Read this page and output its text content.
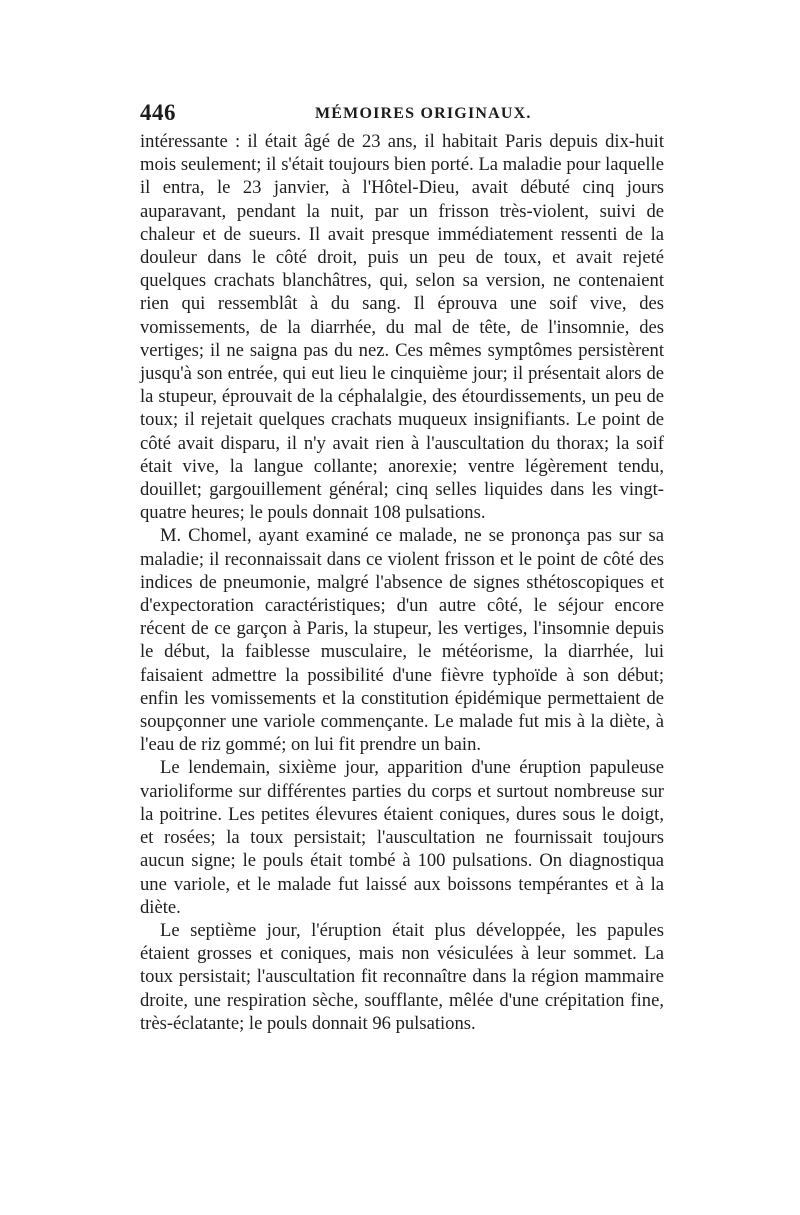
446	MÉMOIRES ORIGINAUX.

intéressante : il était âgé de 23 ans, il habitait Paris depuis dix-huit mois seulement; il s'était toujours bien porté. La maladie pour laquelle il entra, le 23 janvier, à l'Hôtel-Dieu, avait débuté cinq jours auparavant, pendant la nuit, par un frisson très-violent, suivi de chaleur et de sueurs. Il avait presque immédiatement ressenti de la douleur dans le côté droit, puis un peu de toux, et avait rejeté quelques crachats blanchâtres, qui, selon sa version, ne contenaient rien qui ressemblât à du sang. Il éprouva une soif vive, des vomissements, de la diarrhée, du mal de tête, de l'insomnie, des vertiges; il ne saigna pas du nez. Ces mêmes symptômes persistèrent jusqu'à son entrée, qui eut lieu le cinquième jour; il présentait alors de la stupeur, éprouvait de la céphalalgie, des étourdissements, un peu de toux; il rejetait quelques crachats muqueux insignifiants. Le point de côté avait disparu, il n'y avait rien à l'auscultation du thorax; la soif était vive, la langue collante; anorexie; ventre légèrement tendu, douillet; gargouillement général; cinq selles liquides dans les vingt-quatre heures; le pouls donnait 108 pulsations.

M. Chomel, ayant examiné ce malade, ne se prononça pas sur sa maladie; il reconnaissait dans ce violent frisson et le point de côté des indices de pneumonie, malgré l'absence de signes sthétoscopiques et d'expectoration caractéristiques; d'un autre côté, le séjour encore récent de ce garçon à Paris, la stupeur, les vertiges, l'insomnie depuis le début, la faiblesse musculaire, le météorisme, la diarrhée, lui faisaient admettre la possibilité d'une fièvre typhoïde à son début; enfin les vomissements et la constitution épidémique permettaient de soupçonner une variole commençante. Le malade fut mis à la diète, à l'eau de riz gommé; on lui fit prendre un bain.

Le lendemain, sixième jour, apparition d'une éruption papuleuse varioliforme sur différentes parties du corps et surtout nombreuse sur la poitrine. Les petites élevures étaient coniques, dures sous le doigt, et rosées; la toux persistait; l'auscultation ne fournissait toujours aucun signe; le pouls était tombé à 100 pulsations. On diagnostiqua une variole, et le malade fut laissé aux boissons tempérantes et à la diète.

Le septième jour, l'éruption était plus développée, les papules étaient grosses et coniques, mais non vésiculées à leur sommet. La toux persistait; l'auscultation fit reconnaître dans la région mammaire droite, une respiration sèche, soufflante, mêlée d'une crépitation fine, très-éclatante; le pouls donnait 96 pulsations.
